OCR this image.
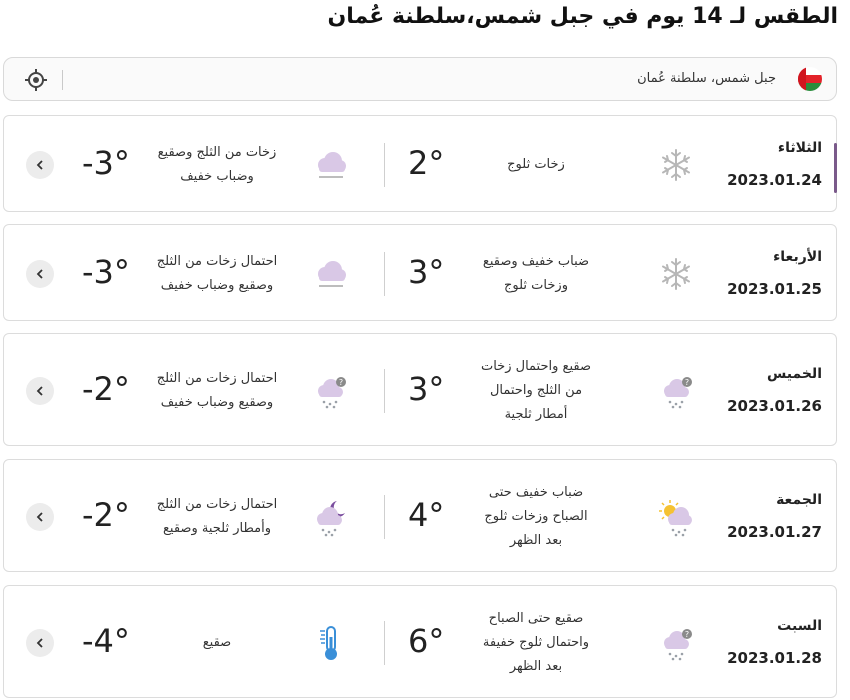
الطقس لـ 14 يوم في جبل شمس،سلطنة عُمان
جبل شمس، سلطنة عُمان
الثلاثاء
2023.01.24
زخات ثلوج
2°
زخات من الثلج وصقيع
وضباب خفيف
-3°
الأربعاء
2023.01.25
ضباب خفيف وصقيع
وزخات ثلوج
3°
احتمال زخات من الثلج
وصقيع وضباب خفيف
-3°
الخميس
2023.01.26
?
صقيع واحتمال زخات
من الثلج واحتمال
أمطار ثلجية
3°
?
احتمال زخات من الثلج
وصقيع وضباب خفيف
-2°
الجمعة
2023.01.27
ضباب خفيف حتى
الصباح وزخات ثلوج
بعد الظهر
4°
احتمال زخات من الثلج
وأمطار ثلجية وصقيع
-2°
السبت
2023.01.28
?
صقيع حتى الصباح
واحتمال ثلوج خفيفة
بعد الظهر
6°
صقيع
-4°
